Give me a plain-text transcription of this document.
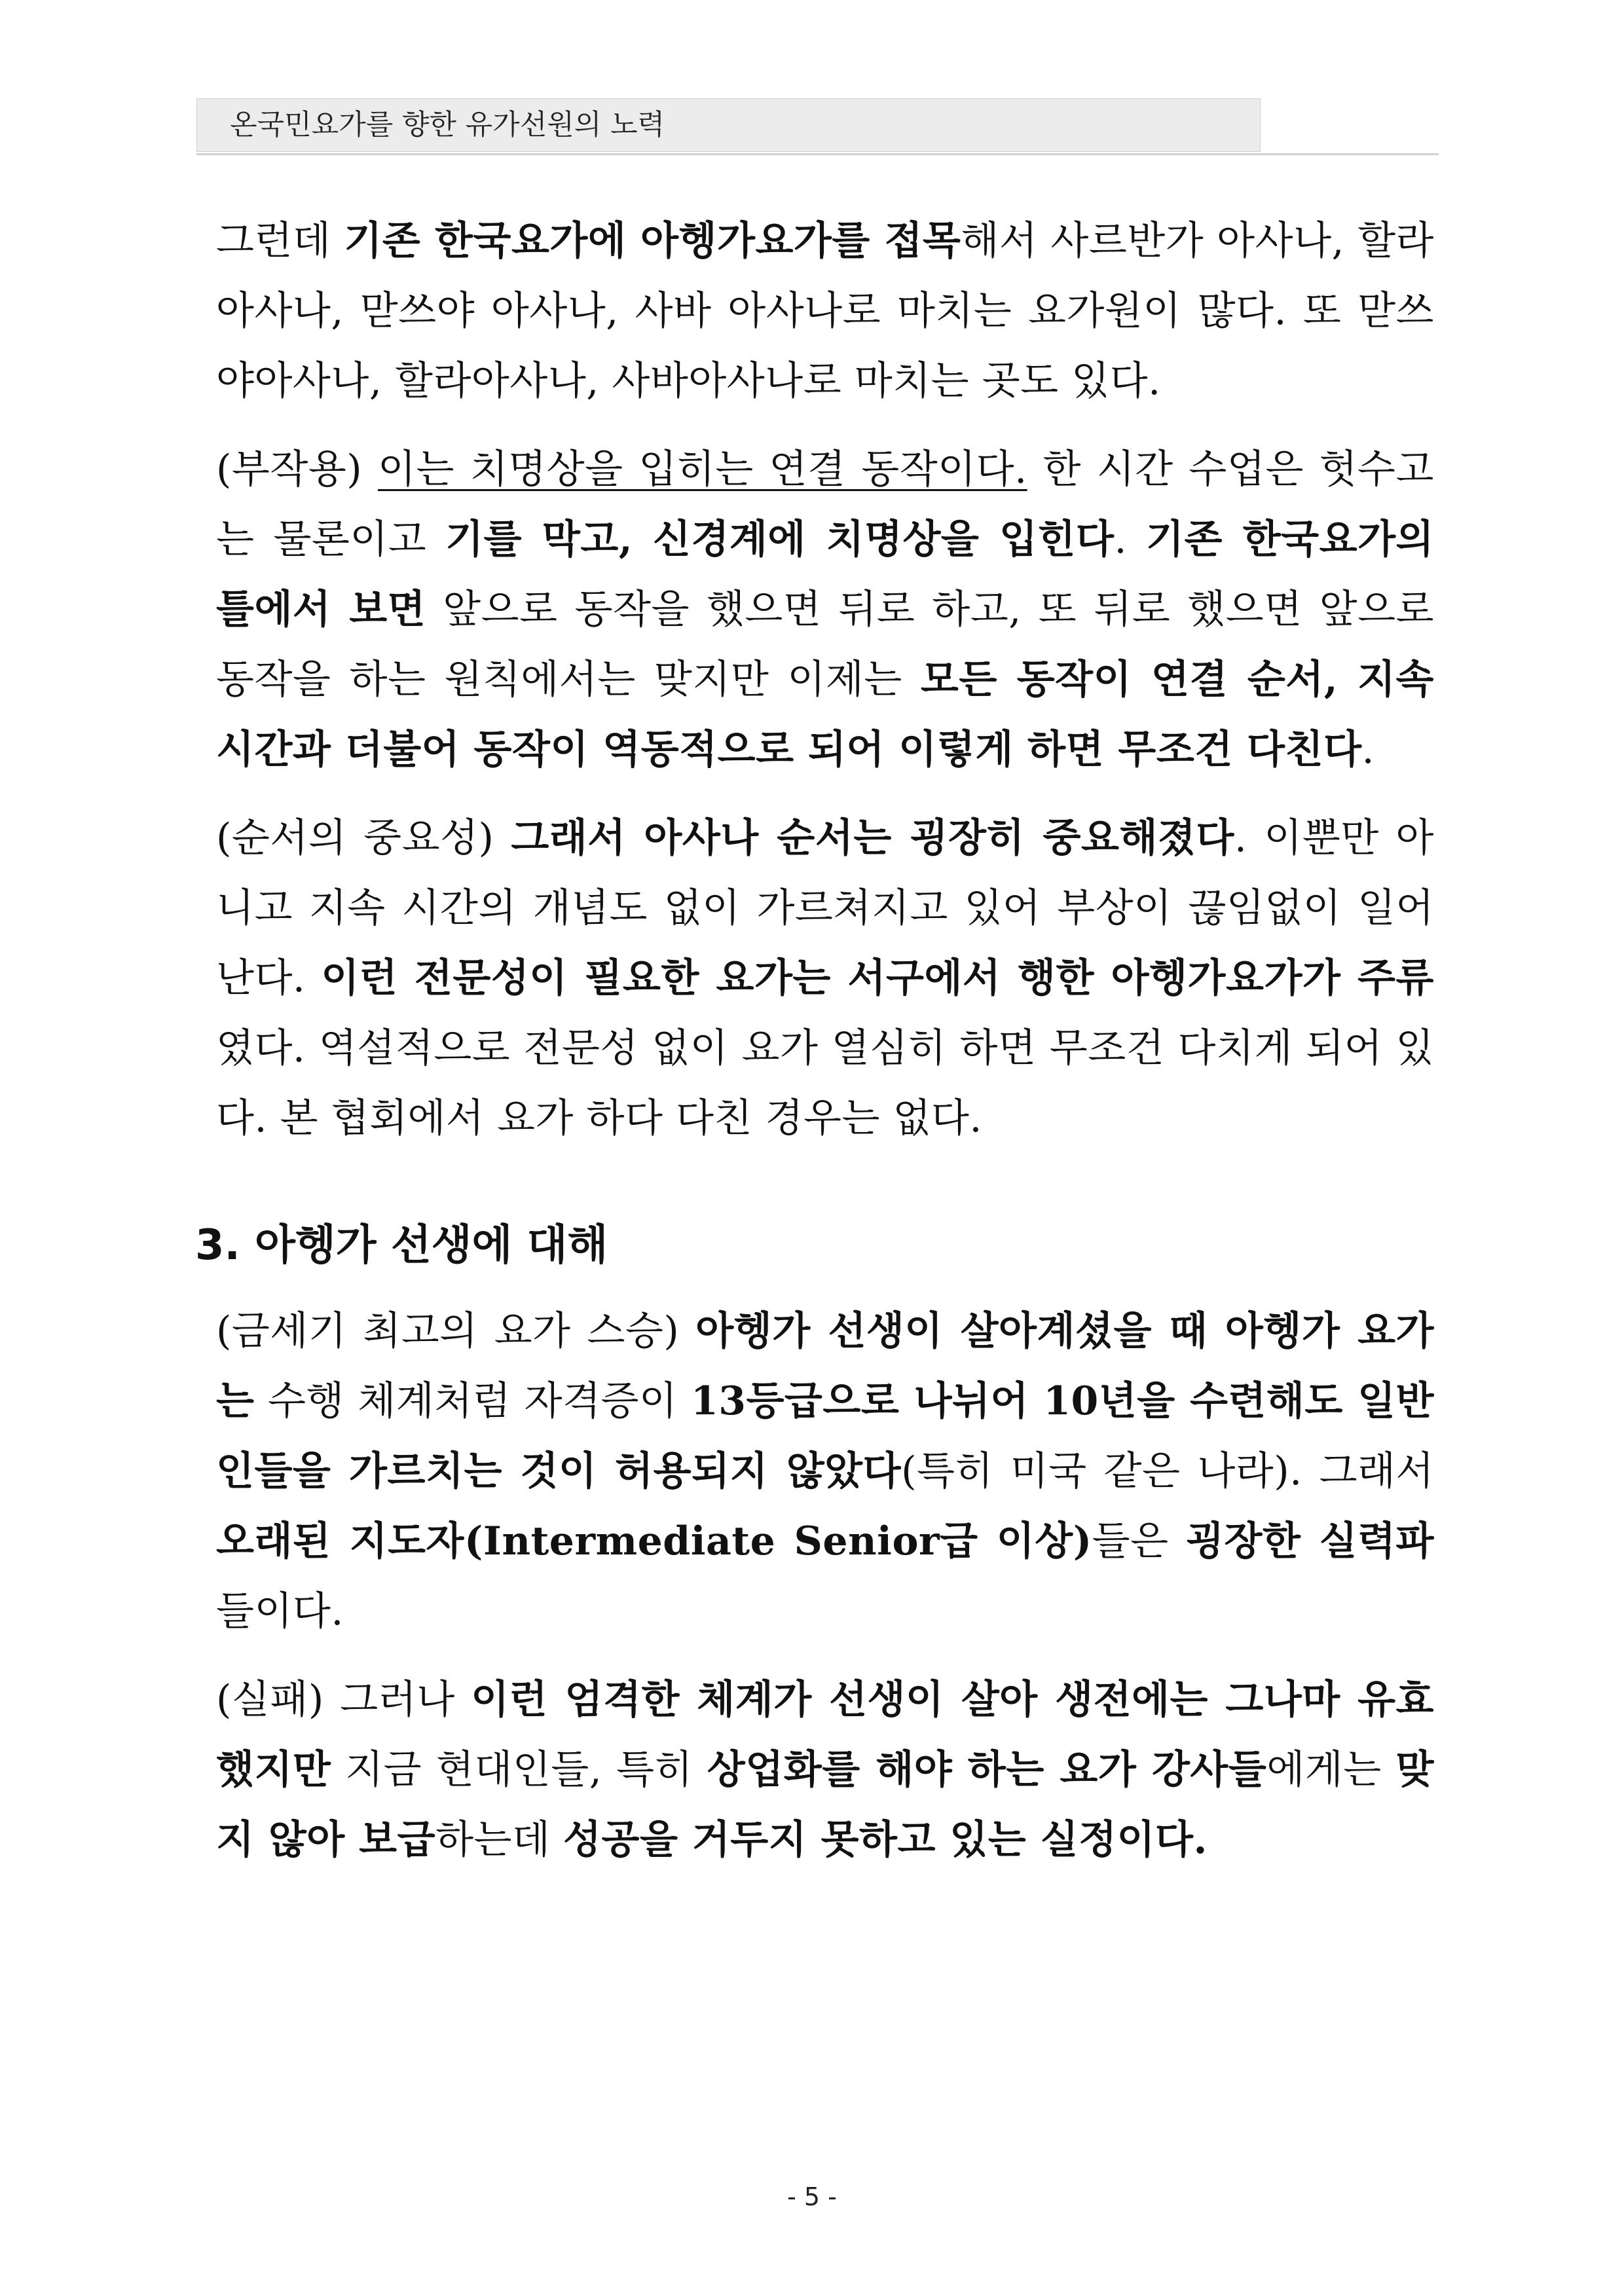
온국민요가를 향한 유가선원의 노력

그런데 기존 한국요가에 아헹가요가를 접목해서 사르반가 아사나, 할라 아사나, 맏쓰야 아사나, 사바 아사나로 마치는 요가원이 많다. 또 맏쓰야아사나, 할라아사나, 사바아사나로 마치는 곳도 있다.

(부작용) 이는 치명상을 입히는 연결 동작이다. 한 시간 수업은 헛수고는 물론이고 기를 막고, 신경계에 치명상을 입힌다. 기존 한국요가의 틀에서 보면 앞으로 동작을 했으면 뒤로 하고, 또 뒤로 했으면 앞으로 동작을 하는 원칙에서는 맞지만 이제는 모든 동작이 연결 순서, 지속 시간과 더불어 동작이 역동적으로 되어 이렇게 하면 무조건 다친다.

(순서의 중요성) 그래서 아사나 순서는 굉장히 중요해졌다. 이뿐만 아니고 지속 시간의 개념도 없이 가르쳐지고 있어 부상이 끊임없이 일어난다. 이런 전문성이 필요한 요가는 서구에서 행한 아헹가요가가 주류였다. 역설적으로 전문성 없이 요가 열심히 하면 무조건 다치게 되어 있다. 본 협회에서 요가 하다 다친 경우는 없다.

3. 아헹가 선생에 대해

(금세기 최고의 요가 스승) 아헹가 선생이 살아계셨을 때 아헹가 요가는 수행 체계처럼 자격증이 13등급으로 나뉘어 10년을 수련해도 일반인들을 가르치는 것이 허용되지 않았다(특히 미국 같은 나라). 그래서 오래된 지도자(Intermediate Senior급 이상)들은 굉장한 실력파들이다.

(실패) 그러나 이런 엄격한 체계가 선생이 살아 생전에는 그나마 유효했지만 지금 현대인들, 특히 상업화를 해야 하는 요가 강사들에게는 맞지 않아 보급하는데 성공을 거두지 못하고 있는 실정이다.

- 5 -
